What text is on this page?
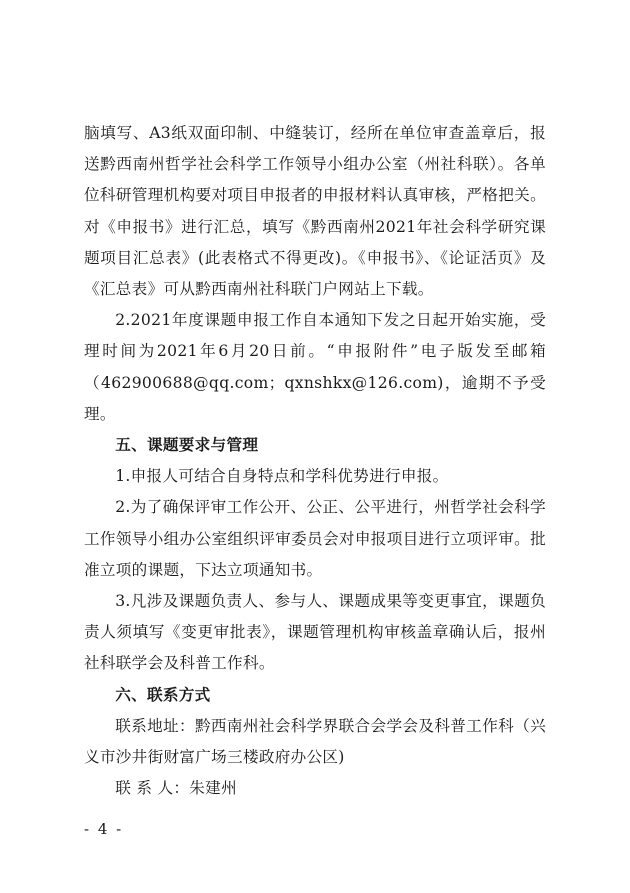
脑填写、A3纸双面印制、中缝装订，经所在单位审查盖章后，报送黔西南州哲学社会科学工作领导小组办公室（州社科联）。各单位科研管理机构要对项目申报者的申报材料认真审核，严格把关。对《申报书》进行汇总，填写《黔西南州2021年社会科学研究课题项目汇总表》(此表格式不得更改)。《申报书》、《论证活页》及《汇总表》可从黔西南州社科联门户网站上下载。

2.2021年度课题申报工作自本通知下发之日起开始实施，受理时间为2021年6月20日前。“申报附件”电子版发至邮箱（462900688@qq.com；qxnshkx@126.com)，逾期不予受理。

五、课题要求与管理

1.申报人可结合自身特点和学科优势进行申报。

2.为了确保评审工作公开、公正、公平进行，州哲学社会科学工作领导小组办公室组织评审委员会对申报项目进行立项评审。批准立项的课题，下达立项通知书。

3.凡涉及课题负责人、参与人、课题成果等变更事宜，课题负责人须填写《变更审批表》，课题管理机构审核盖章确认后，报州社科联学会及科普工作科。

六、联系方式

联系地址：黔西南州社会科学界联合会学会及科普工作科（兴义市沙井街财富广场三楼政府办公区)

联 系 人：朱建州

- 4 -
